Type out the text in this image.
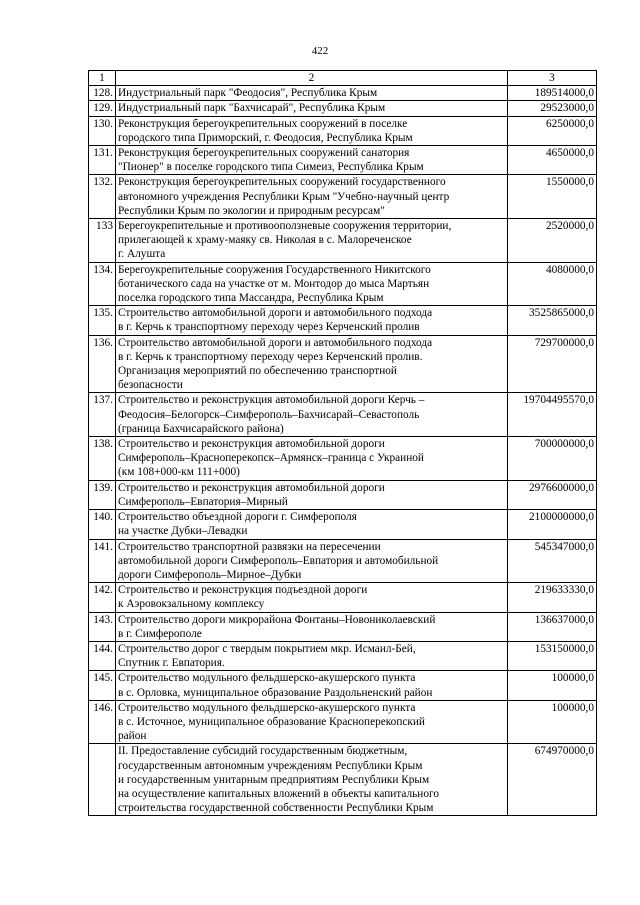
422
1	2	3
128.	Индустриальный парк "Феодосия", Республика Крым	189514000,0
129.	Индустриальный парк "Бахчисарай", Республика Крым	29523000,0
130.	Реконструкция берегоукрепительных сооружений в поселке
городского типа Приморский, г. Феодосия, Республика Крым	6250000,0
131.	Реконструкция берегоукрепительных сооружений санатория
"Пионер" в поселке городского типа Симеиз, Республика Крым	4650000,0
132.	Реконструкция берегоукрепительных сооружений государственного
автономного учреждения Республики Крым "Учебно-научный центр
Республики Крым по экологии и природным ресурсам"	1550000,0
133	Берегоукрепительные и противооползневые сооружения территории,
прилегающей к храму-маяку св. Николая в с. Малореченское
г. Алушта	2520000,0
134.	Берегоукрепительные сооружения Государственного Никитского
ботанического сада на участке от м. Монтодор до мыса Мартьян
поселка городского типа Массандра, Республика Крым	4080000,0
135.	Строительство автомобильной дороги и автомобильного подхода
в г. Керчь к транспортному переходу через Керченский пролив	3525865000,0
136.	Строительство автомобильной дороги и автомобильного подхода
в г. Керчь к транспортному переходу через Керченский пролив.
Организация мероприятий по обеспечению транспортной
безопасности	729700000,0
137.	Строительство и реконструкция автомобильной дороги Керчь –
Феодосия–Белогорск–Симферополь–Бахчисарай–Севастополь
(граница Бахчисарайского района)	19704495570,0
138.	Строительство и реконструкция автомобильной дороги
Симферополь–Красноперекопск–Армянск–граница с Украиной
(км 108+000-км 111+000)	700000000,0
139.	Строительство и реконструкция автомобильной дороги
Симферополь–Евпатория–Мирный	2976600000,0
140.	Строительство объездной дороги г. Симферополя
на участке Дубки–Левадки	2100000000,0
141.	Строительство транспортной развязки на пересечении
автомобильной дороги Симферополь–Евпатория и автомобильной
дороги Симферополь–Мирное–Дубки	545347000,0
142.	Строительство и реконструкция подъездной дороги
к Аэровокзальному комплексу	219633330,0
143.	Строительство дороги микрорайона Фонтаны–Новониколаевский
в г. Симферополе	136637000,0
144.	Строительство дорог с твердым покрытием мкр. Исмаил-Бей,
Спутник г. Евпатория.	153150000,0
145.	Строительство модульного фельдшерско-акушерского пункта
в с. Орловка, муниципальное образование Раздольненский район	100000,0
146.	Строительство модульного фельдшерско-акушерского пункта
в с. Источное, муниципальное образование Красноперекопский
район	100000,0

	II. Предоставление субсидий государственным бюджетным,
государственным автономным учреждениям Республики Крым
и государственным унитарным предприятиям Республики Крым
на осуществление капитальных вложений в объекты капитального
строительства государственной собственности Республики Крым	674970000,0
